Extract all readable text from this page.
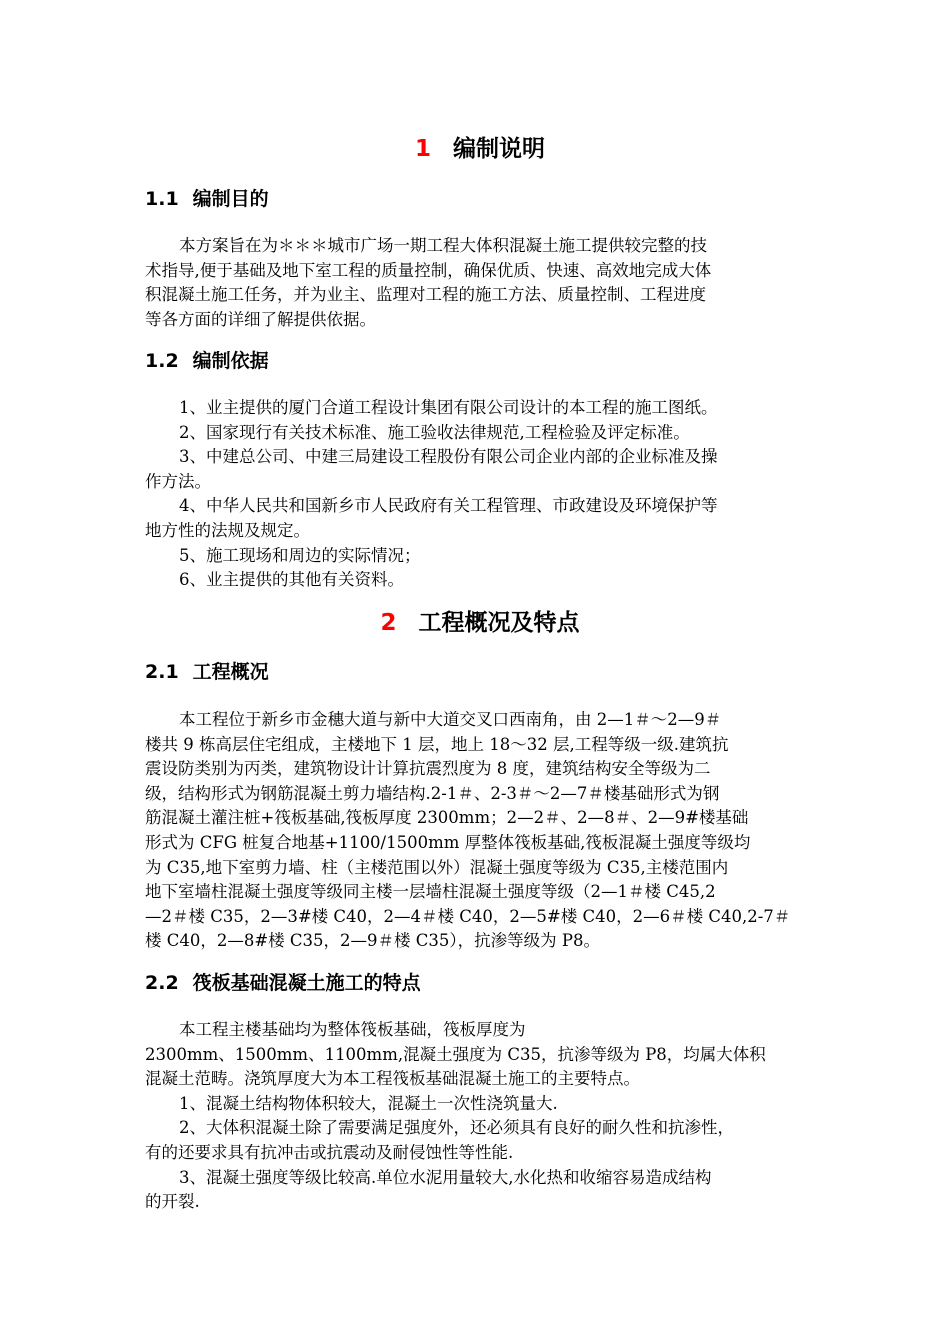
1 编制说明
1.1 编制目的
本方案旨在为＊＊＊城市广场一期工程大体积混凝土施工提供较完整的技
术指导,便于基础及地下室工程的质量控制，确保优质、快速、高效地完成大体
积混凝土施工任务，并为业主、监理对工程的施工方法、质量控制、工程进度
等各方面的详细了解提供依据。
1.2 编制依据
1、业主提供的厦门合道工程设计集团有限公司设计的本工程的施工图纸。
2、国家现行有关技术标准、施工验收法律规范,工程检验及评定标准。
3、中建总公司、中建三局建设工程股份有限公司企业内部的企业标准及操
作方法。
4、中华人民共和国新乡市人民政府有关工程管理、市政建设及环境保护等
地方性的法规及规定。
5、施工现场和周边的实际情况；
6、业主提供的其他有关资料。
2 工程概况及特点
2.1 工程概况
本工程位于新乡市金穗大道与新中大道交叉口西南角，由 2—1＃～2—9＃
楼共 9 栋高层住宅组成，主楼地下 1 层，地上 18～32 层,工程等级一级.建筑抗
震设防类别为丙类，建筑物设计计算抗震烈度为 8 度，建筑结构安全等级为二
级，结构形式为钢筋混凝土剪力墙结构.2-1＃、2-3＃～2—7＃楼基础形式为钢
筋混凝土灌注桩+筏板基础,筏板厚度 2300mm；2—2＃、2—8＃、2—9#楼基础
形式为 CFG 桩复合地基+1100/1500mm 厚整体筏板基础,筏板混凝土强度等级均
为 C35,地下室剪力墙、柱（主楼范围以外）混凝土强度等级为 C35,主楼范围内
地下室墙柱混凝土强度等级同主楼一层墙柱混凝土强度等级（2—1＃楼 C45,2
—2＃楼 C35，2—3#楼 C40，2—4＃楼 C40，2—5#楼 C40，2—6＃楼 C40,2-7＃
楼 C40，2—8#楼 C35，2—9＃楼 C35），抗渗等级为 P8。
2.2 筏板基础混凝土施工的特点
本工程主楼基础均为整体筏板基础，筏板厚度为
2300mm、1500mm、1100mm,混凝土强度为 C35，抗渗等级为 P8，均属大体积
混凝土范畴。浇筑厚度大为本工程筏板基础混凝土施工的主要特点。
1、混凝土结构物体积较大，混凝土一次性浇筑量大.
2、大体积混凝土除了需要满足强度外，还必须具有良好的耐久性和抗渗性，
有的还要求具有抗冲击或抗震动及耐侵蚀性等性能.
3、混凝土强度等级比较高.单位水泥用量较大,水化热和收缩容易造成结构
的开裂.
